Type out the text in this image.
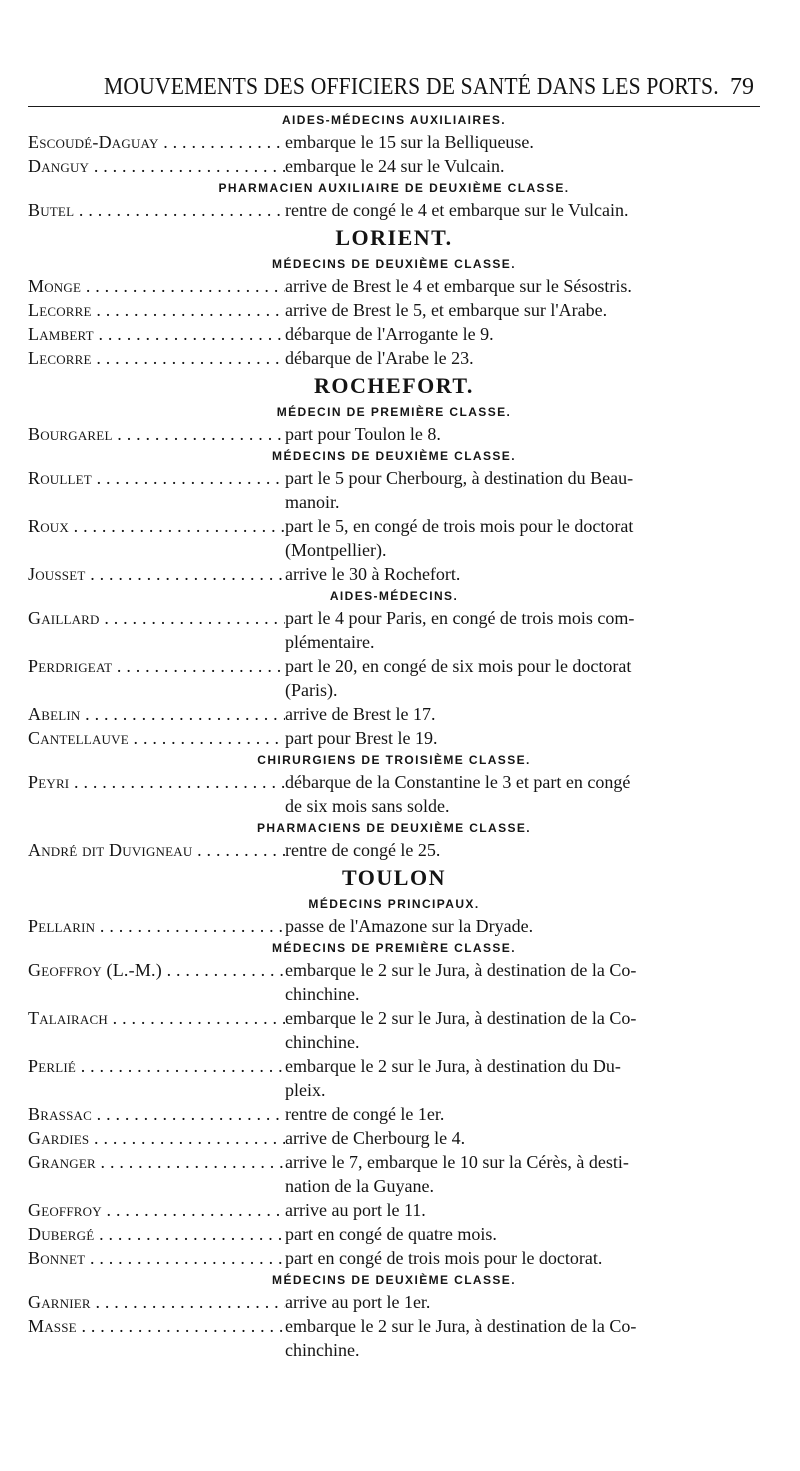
MOUVEMENTS DES OFFICIERS DE SANTÉ DANS LES PORTS. 79
AIDES-MÉDECINS AUXILIAIRES.
Escoudé-Daguay . . .	embarque le 15 sur la Belliqueuse.
Danguy . . .	embarque le 24 sur le Vulcain.
PHARMACIEN AUXILIAIRE DE DEUXIÈME CLASSE.
Butel . . .	rentre de congé le 4 et embarque sur le Vulcain.
LORIENT.
MÉDECINS DE DEUXIÈME CLASSE.
Monge . . .	arrive de Brest le 4 et embarque sur le Sésostris.
Lecorre . . .	arrive de Brest le 5, et embarque sur l'Arabe.
Lambert . . .	débarque de l'Arrogante le 9.
Lecorre . . .	débarque de l'Arabe le 23.
ROCHEFORT.
MÉDECIN DE PREMIÈRE CLASSE.
Bourgarel . . .	part pour Toulon le 8.
MÉDECINS DE DEUXIÈME CLASSE.
Roullet . . .	part le 5 pour Cherbourg, à destination du Beau-
manoir.
Roux . . .	part le 5, en congé de trois mois pour le doctorat
(Montpellier).
Jousset . . .	arrive le 30 à Rochefort.
AIDES-MÉDECINS.
Gaillard . . .	part le 4 pour Paris, en congé de trois mois com-
plémentaire.
Perdrigeat . . .	part le 20, en congé de six mois pour le doctorat
(Paris).
Abelin . . .	arrive de Brest le 17.
Cantellauve . . .	part pour Brest le 19.
CHIRURGIENS DE TROISIÈME CLASSE.
Peyri . . .	débarque de la Constantine le 3 et part en congé
de six mois sans solde.
PHARMACIENS DE DEUXIÈME CLASSE.
André dit Duvigneau . . .	rentre de congé le 25.
TOULON
MÉDECINS PRINCIPAUX.
Pellarin . . .	passe de l'Amazone sur la Dryade.
MÉDECINS DE PREMIÈRE CLASSE.
Geoffroy (L.-M.) . . .	embarque le 2 sur le Jura, à destination de la Co-
chinchine.
Talairach . . .	embarque le 2 sur le Jura, à destination de la Co-
chinchine.
Perlié . . .	embarque le 2 sur le Jura, à destination du Du-
pleix.
Brassac . . .	rentre de congé le 1er.
Gardies . . .	arrive de Cherbourg le 4.
Granger . . .	arrive le 7, embarque le 10 sur la Cérès, à desti-
nation de la Guyane.
Geoffroy . . .	arrive au port le 11.
Dubergé . . .	part en congé de quatre mois.
Bonnet . . .	part en congé de trois mois pour le doctorat.
MÉDECINS DE DEUXIÈME CLASSE.
Garnier . . .	arrive au port le 1er.
Masse . . .	embarque le 2 sur le Jura, à destination de la Co-
chinchine.
